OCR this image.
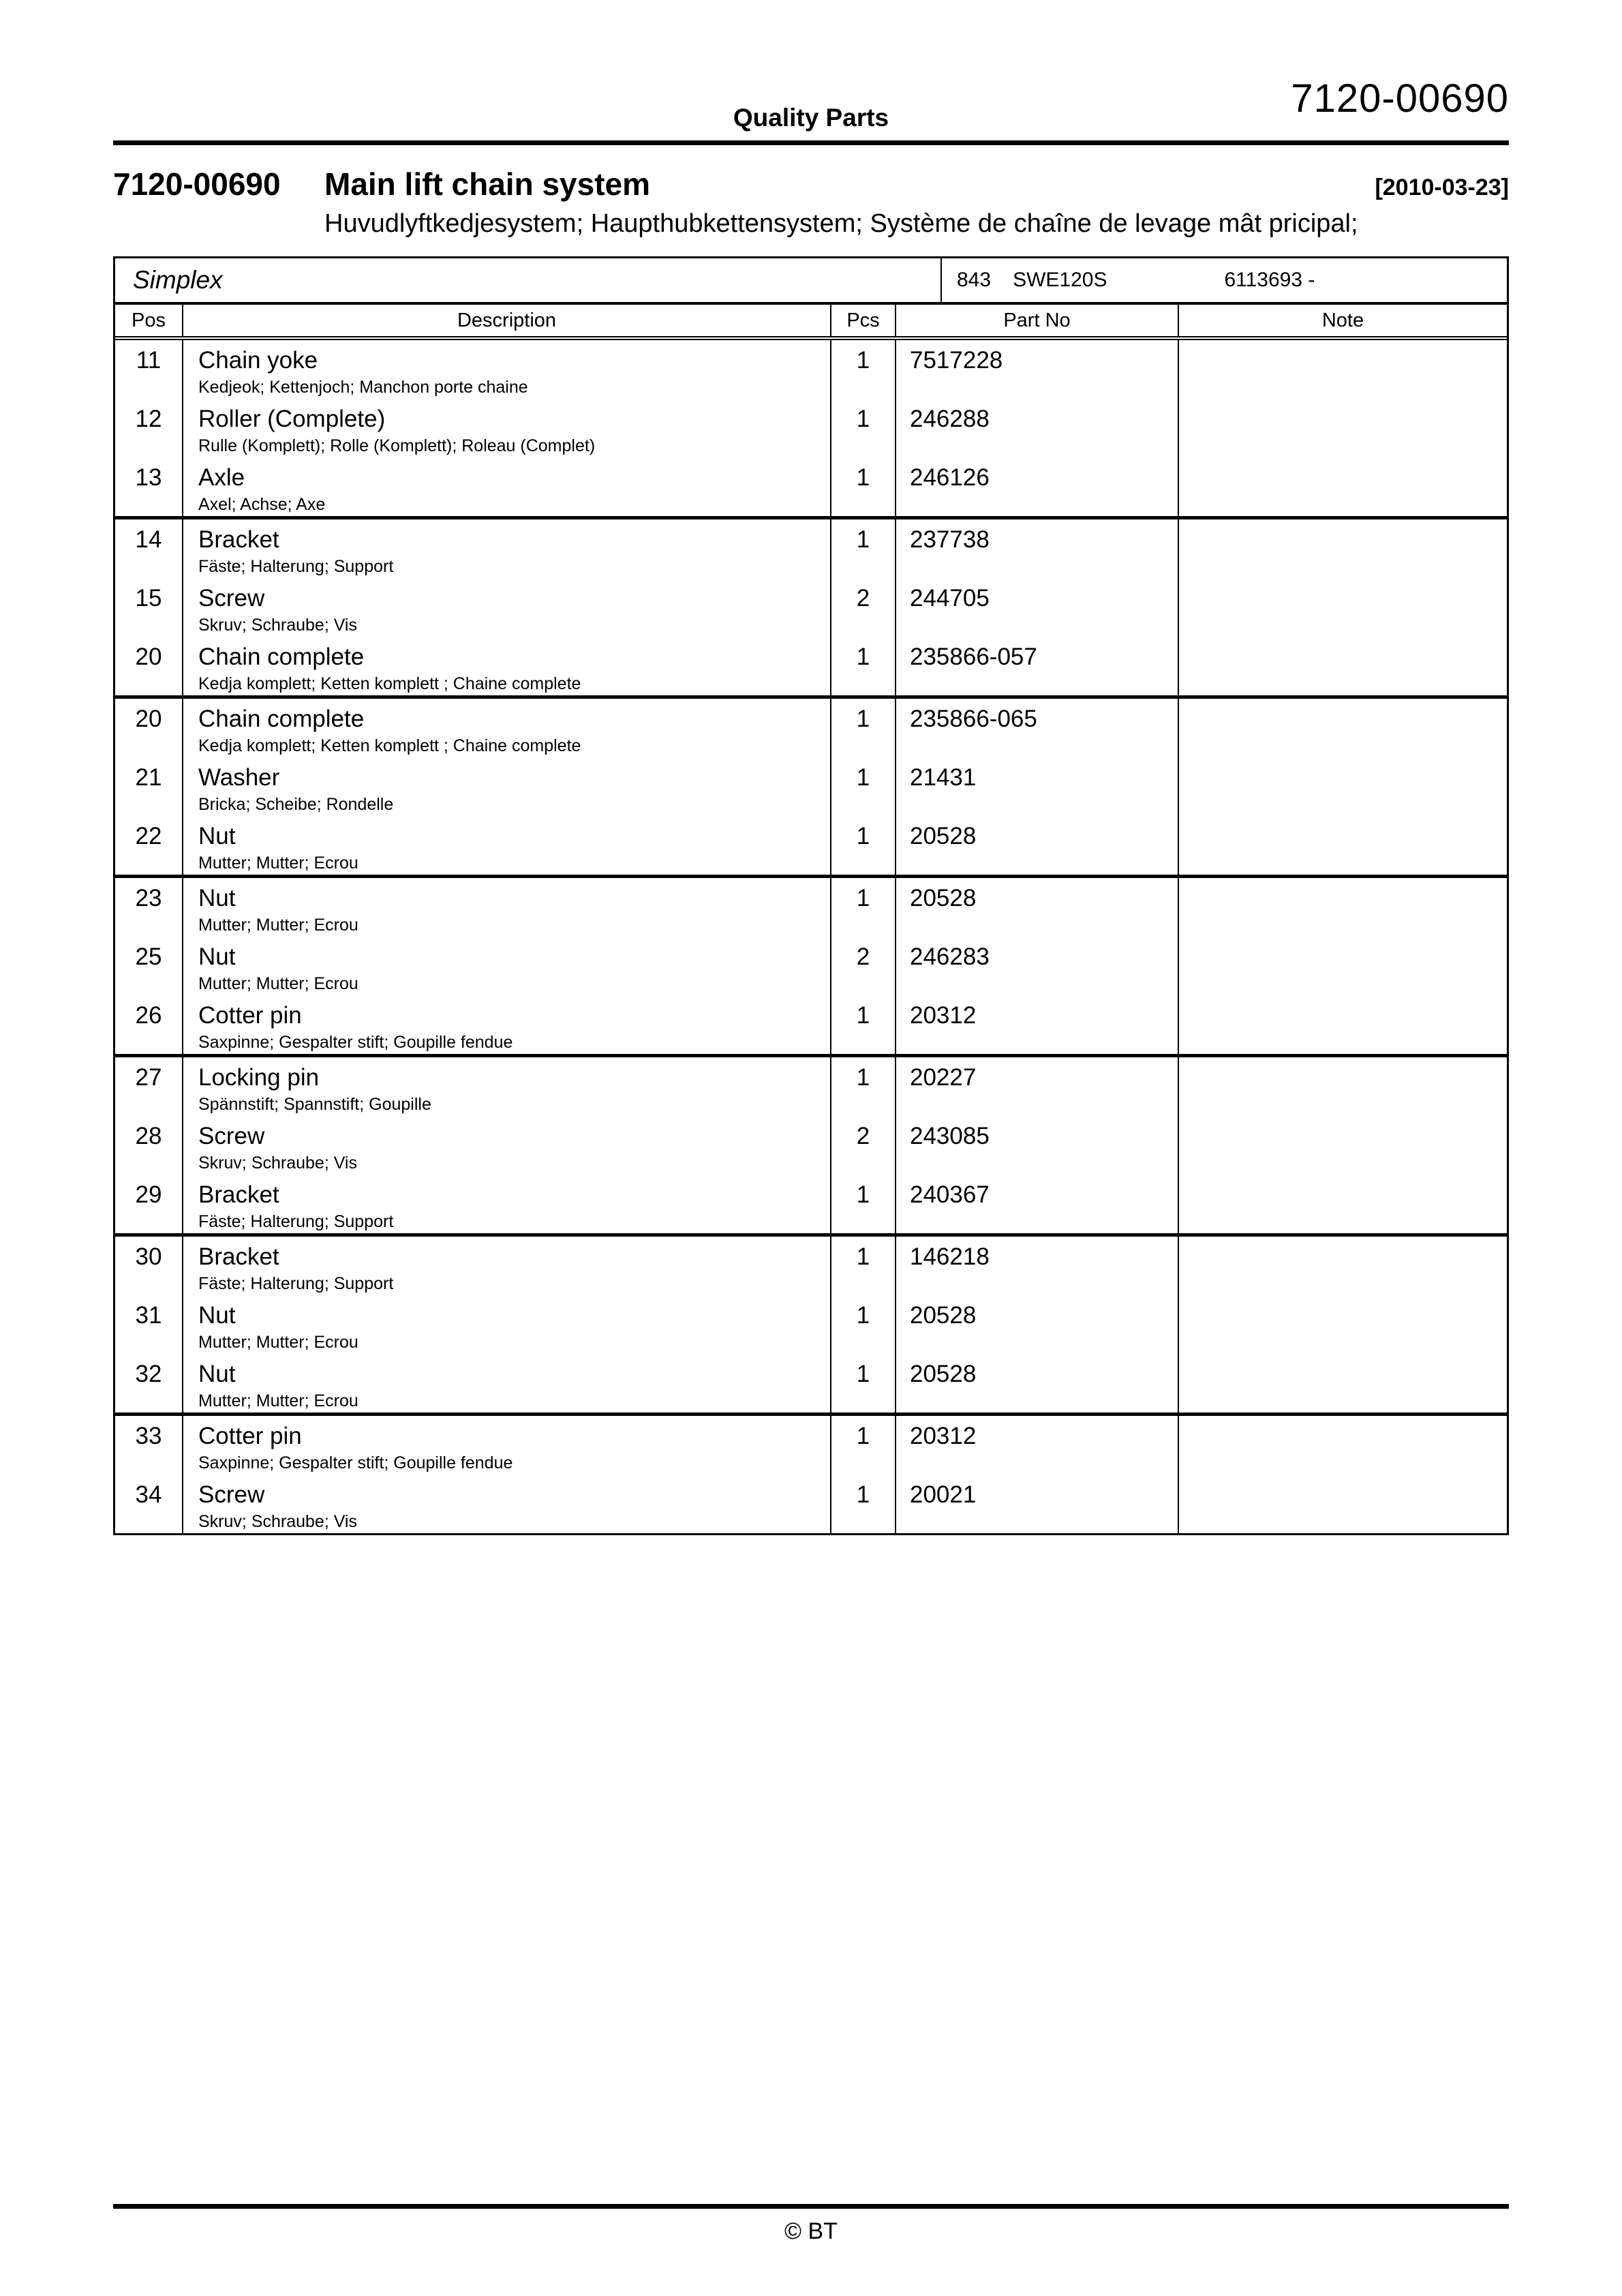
Quality Parts	7120-00690
7120-00690	Main lift chain system	[2010-03-23]
Huvudlyftkedjesystem; Haupthubkettensystem; Système de chaîne de levage mât pricipal;
Simplex	843 SWE120S	6113693 -
Pos	Description	Pcs	Part No	Note
11	Chain yoke
Kedjeok; Kettenjoch; Manchon porte chaine
1	7517228
12	Roller (Complete)
Rulle (Komplett); Rolle (Komplett); Roleau (Complet)
1	246288
13	Axle
Axel; Achse; Axe
1	246126
14	Bracket
Fäste; Halterung; Support
1	237738
15	Screw
Skruv; Schraube; Vis
2	244705
20	Chain complete
Kedja komplett; Ketten komplett ; Chaine complete
1	235866-057
20	Chain complete
Kedja komplett; Ketten komplett ; Chaine complete
1	235866-065
21	Washer
Bricka; Scheibe; Rondelle
1	21431
22	Nut
Mutter; Mutter; Ecrou
1	20528
23	Nut
Mutter; Mutter; Ecrou
1	20528
25	Nut
Mutter; Mutter; Ecrou
2	246283
26	Cotter pin
Saxpinne; Gespalter stift; Goupille fendue
1	20312
27	Locking pin
Spännstift; Spannstift; Goupille
1	20227
28	Screw
Skruv; Schraube; Vis
2	243085
29	Bracket
Fäste; Halterung; Support
1	240367
30	Bracket
Fäste; Halterung; Support
1	146218
31	Nut
Mutter; Mutter; Ecrou
1	20528
32	Nut
Mutter; Mutter; Ecrou
1	20528
33	Cotter pin
Saxpinne; Gespalter stift; Goupille fendue
1	20312
34	Screw
Skruv; Schraube; Vis
1	20021
© BT
